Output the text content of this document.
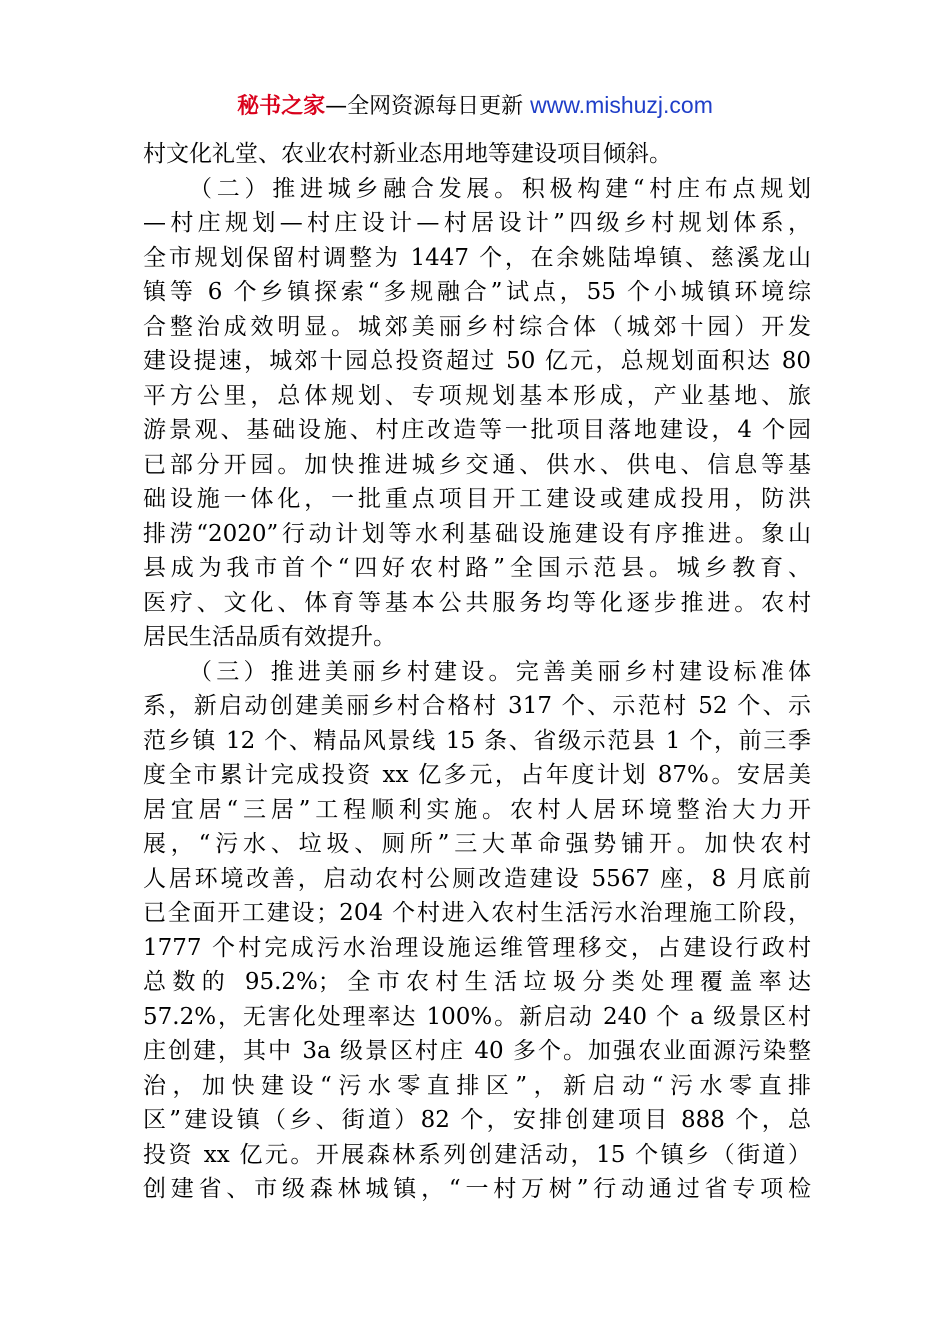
秘书之家—全网资源每日更新 www.mishuzj.com
村文化礼堂、农业农村新业态用地等建设项目倾斜。
（二）推进城乡融合发展。积极构建“村庄布点规划
—村庄规划—村庄设计—村居设计”四级乡村规划体系，
全市规划保留村调整为 1447 个，在余姚陆埠镇、慈溪龙山
镇等 6 个乡镇探索“多规融合”试点，55 个小城镇环境综
合整治成效明显。城郊美丽乡村综合体（城郊十园）开发
建设提速，城郊十园总投资超过 50 亿元，总规划面积达 80
平方公里，总体规划、专项规划基本形成，产业基地、旅
游景观、基础设施、村庄改造等一批项目落地建设，4 个园
已部分开园。加快推进城乡交通、供水、供电、信息等基
础设施一体化，一批重点项目开工建设或建成投用，防洪
排涝“2020”行动计划等水利基础设施建设有序推进。象山
县成为我市首个“四好农村路”全国示范县。城乡教育、
医疗、文化、体育等基本公共服务均等化逐步推进。农村
居民生活品质有效提升。
（三）推进美丽乡村建设。完善美丽乡村建设标准体
系，新启动创建美丽乡村合格村 317 个、示范村 52 个、示
范乡镇 12 个、精品风景线 15 条、省级示范县 1 个，前三季
度全市累计完成投资 xx 亿多元，占年度计划 87%。安居美
居宜居“三居”工程顺利实施。农村人居环境整治大力开
展，“污水、垃圾、厕所”三大革命强势铺开。加快农村
人居环境改善，启动农村公厕改造建设 5567 座，8 月底前
已全面开工建设；204 个村进入农村生活污水治理施工阶段，
1777 个村完成污水治理设施运维管理移交，占建设行政村
总数的 95.2%；全市农村生活垃圾分类处理覆盖率达
57.2%，无害化处理率达 100%。新启动 240 个 a 级景区村
庄创建，其中 3a 级景区村庄 40 多个。加强农业面源污染整
治，加快建设“污水零直排区”，新启动“污水零直排
区”建设镇（乡、街道）82 个，安排创建项目 888 个，总
投资 xx 亿元。开展森林系列创建活动，15 个镇乡（街道）
创建省、市级森林城镇，“一村万树”行动通过省专项检
